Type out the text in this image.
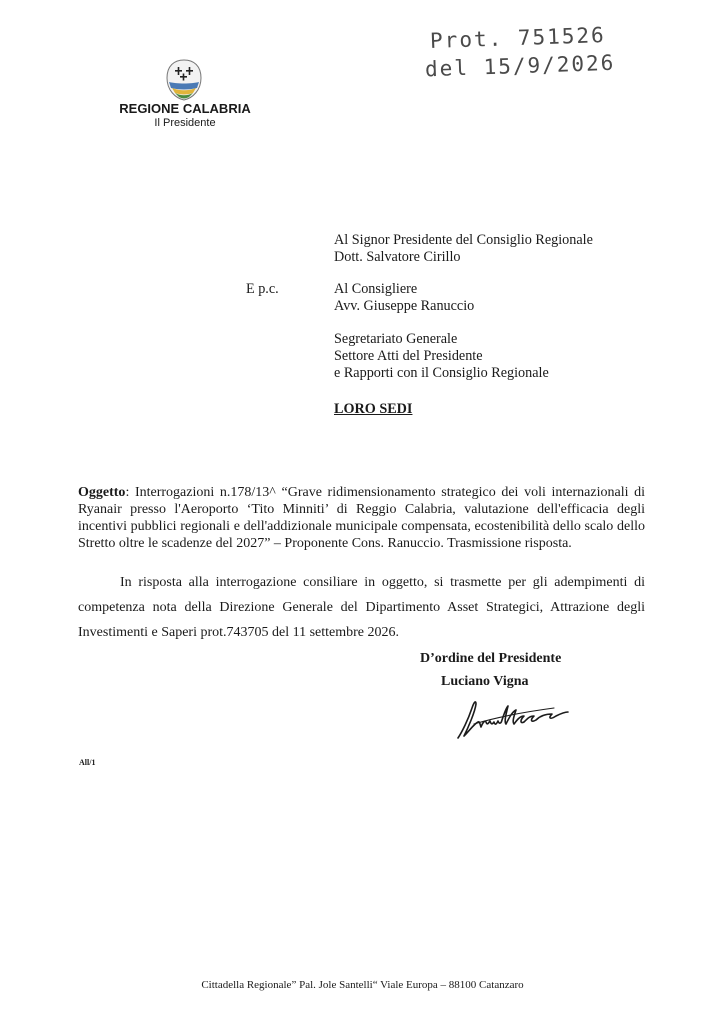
Prot. 751526
del 15/9/2026
REGIONE CALABRIA
Il Presidente
Al Signor Presidente del Consiglio Regionale
Dott. Salvatore Cirillo
E p.c.	Al Consigliere
Avv. Giuseppe Ranuccio
Segretariato Generale
Settore Atti del Presidente
e Rapporti con il Consiglio Regionale
LORO SEDI
Oggetto: Interrogazioni n.178/13^ “Grave ridimensionamento strategico dei voli internazionali di Ryanair presso l'Aeroporto ‘Tito Minniti’ di Reggio Calabria, valutazione dell'efficacia degli incentivi pubblici regionali e dell'addizionale municipale compensata, ecostenibilità dello scalo dello Stretto oltre le scadenze del 2027” – Proponente Cons. Ranuccio. Trasmissione risposta.
In risposta alla interrogazione consiliare in oggetto, si trasmette per gli adempimenti di competenza nota della Direzione Generale del Dipartimento Asset Strategici, Attrazione degli Investimenti e Saperi prot.743705 del 11 settembre 2026.
D’ordine del Presidente
Luciano Vigna
All/1
Cittadella Regionale” Pal. Jole Santelli“ Viale Europa – 88100 Catanzaro
